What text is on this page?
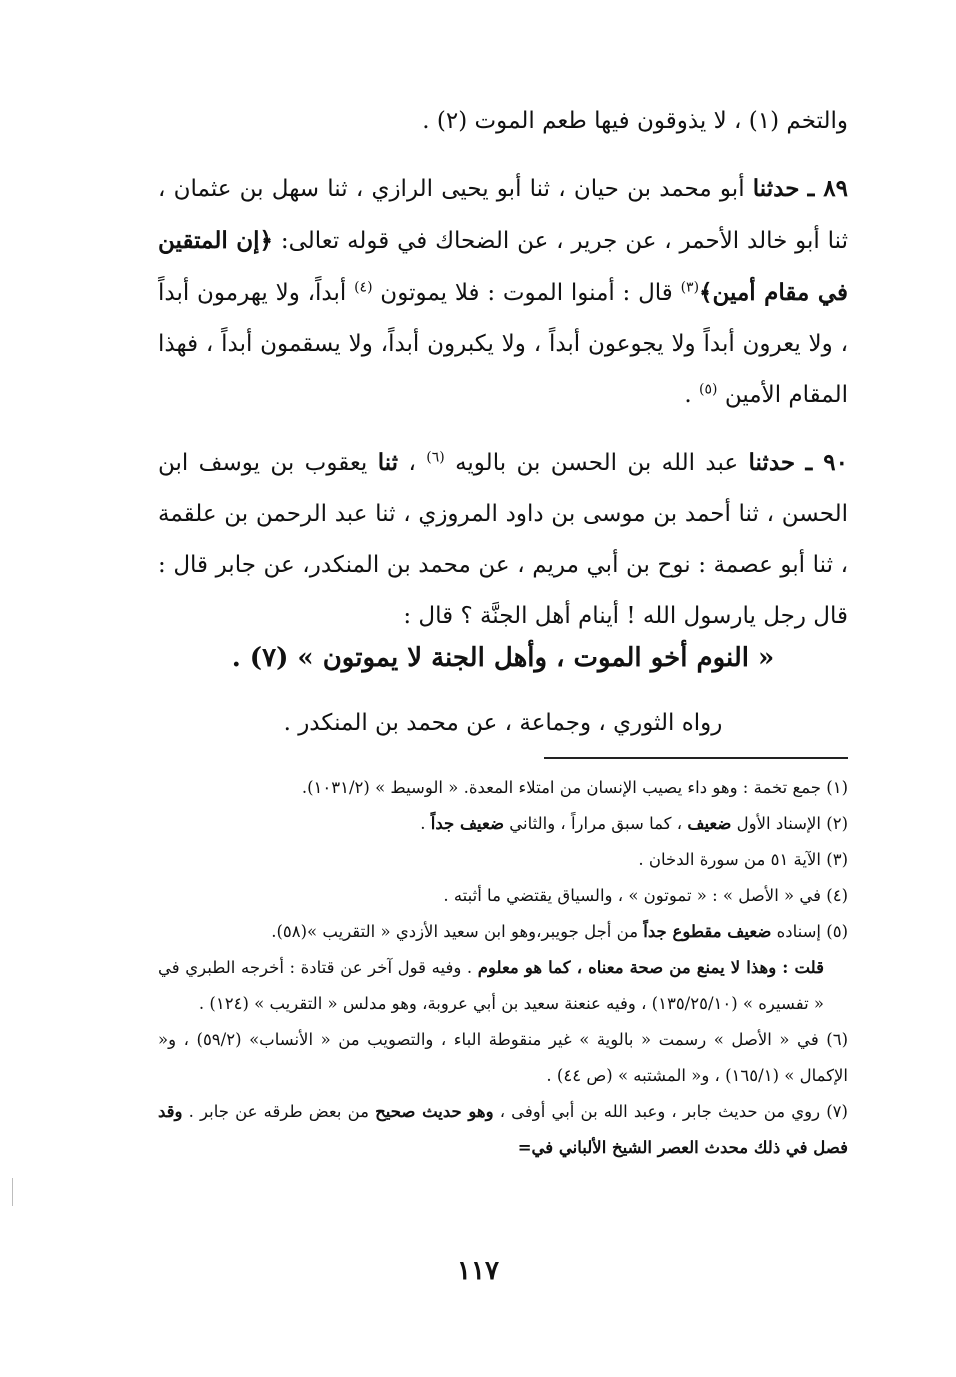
والتخم (١) ، لا يذوقون فيها طعم الموت (٢) .

٨٩ ـ حدثنا أبو محمد بن حيان ، ثنا أبو يحيى الرازي ، ثنا سهل بن عثمان ، ثنا أبو خالد الأحمر ، عن جرير ، عن الضحاك في قوله تعالى: ﴿إن المتقين في مقام أمين﴾$^{(٣)}$ قال : أمنوا الموت : فلا يموتون $^{(٤)}$ أبداً، ولا يهرمون أبداً ، ولا يعرون أبداً ولا يجوعون أبداً ، ولا يكبرون أبداً، ولا يسقمون أبداً ، فهذا المقام الأمين $^{(٥)}$ .

٩٠ ـ حدثنا عبد الله بن الحسن بن بالويه $^{(٦)}$ ، ثنا يعقوب بن يوسف ابن الحسن ، ثنا أحمد بن موسى بن داود المروزي ، ثنا عبد الرحمن بن علقمة ، ثنا أبو عصمة : نوح بن أبي مريم ، عن محمد بن المنكدر، عن جابر قال : قال رجل يارسول الله ! أينام أهل الجنَّة ؟ قال :

« النوم أخو الموت ، وأهل الجنة لا يموتون » (٧) .
رواه الثوري ، وجماعة ، عن محمد بن المنكدر .

(١) جمع تخمة : وهو داء يصيب الإنسان من امتلاء المعدة. « الوسيط » (١٠٣١/٢).

(٢) الإسناد الأول ضعيف ، كما سبق مراراً ، والثاني ضعيف جداً .

(٣) الآية ٥١ من سورة الدخان .

(٤) في « الأصل » : « تموتون » ، والسياق يقتضي ما أثبته .

(٥) إسناده ضعيف مقطوع جداً من أجل جويبر،وهو ابن سعيد الأزدي « التقريب »(٥٨).

قلت : وهذا لا يمنع من صحة معناه ، كما هو معلوم . وفيه قول آخر عن قتادة : أخرجه الطبري في « تفسيره » (١٣٥/٢٥/١٠) ، وفيه عنعنة سعيد بن أبي عروبة، وهو مدلس « التقريب » (١٢٤) .

(٦) في « الأصل » رسمت « بالوية » غير منقوطة الباء ، والتصويب من « الأنساب» (٥٩/٢) ، و« الإكمال » (١٦٥/١) ، و« المشتبه » (ص ٤٤) .

(٧) روي من حديث جابر ، وعبد الله بن أبي أوفى ، وهو حديث صحيح من بعض طرقه عن جابر . وقد فصل في ذلك محدث العصر الشيخ الألباني في=

١١٧
